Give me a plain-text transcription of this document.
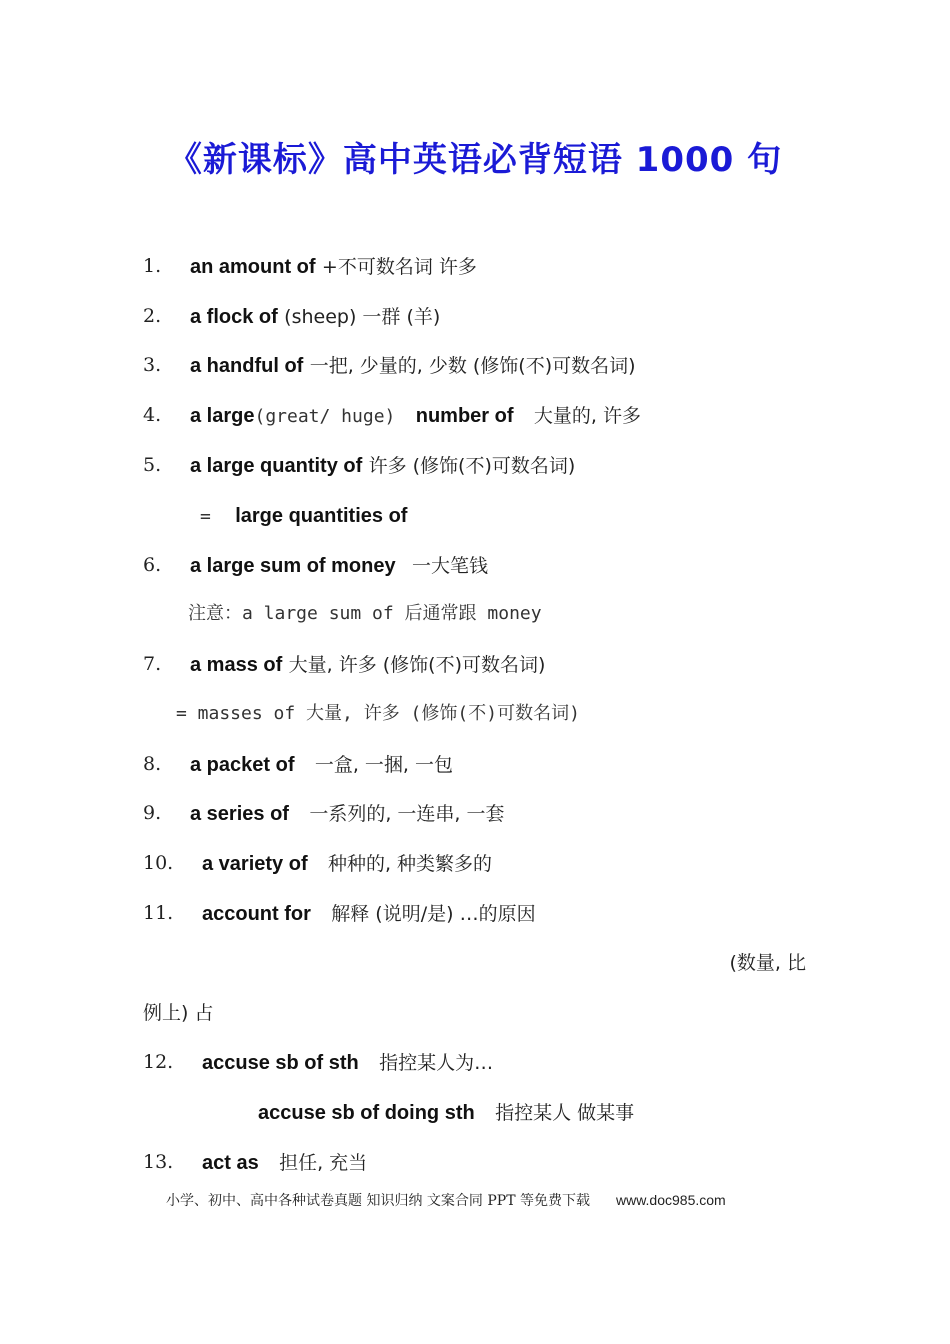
《新课标》高中英语必背短语 1000 句
1. an amount of +不可数名词 许多
2. a flock of (sheep) 一群 (羊)
3. a handful of 一把, 少量的, 少数 (修饰(不)可数名词)
4. a large(great/ huge) number of 大量的, 许多
5. a large quantity of 许多 (修饰(不)可数名词)
= large quantities of
6. a large sum of money 一大笔钱
注意：a large sum of 后通常跟 money
7. a mass of 大量, 许多 (修饰(不)可数名词)
= masses of 大量, 许多 (修饰(不)可数名词)
8. a packet of 一盒, 一捆, 一包
9. a series of 一系列的, 一连串, 一套
10. a variety of 种种的, 种类繁多的
11. account for 解释 (说明/是) …的原因
(数量, 比
例上) 占
12. accuse sb of sth 指控某人为…
accuse sb of doing sth 指控某人 做某事
13. act as 担任, 充当
小学、初中、高中各种试卷真题 知识归纳 文案合同 PPT 等免费下载 www.doc985.com
